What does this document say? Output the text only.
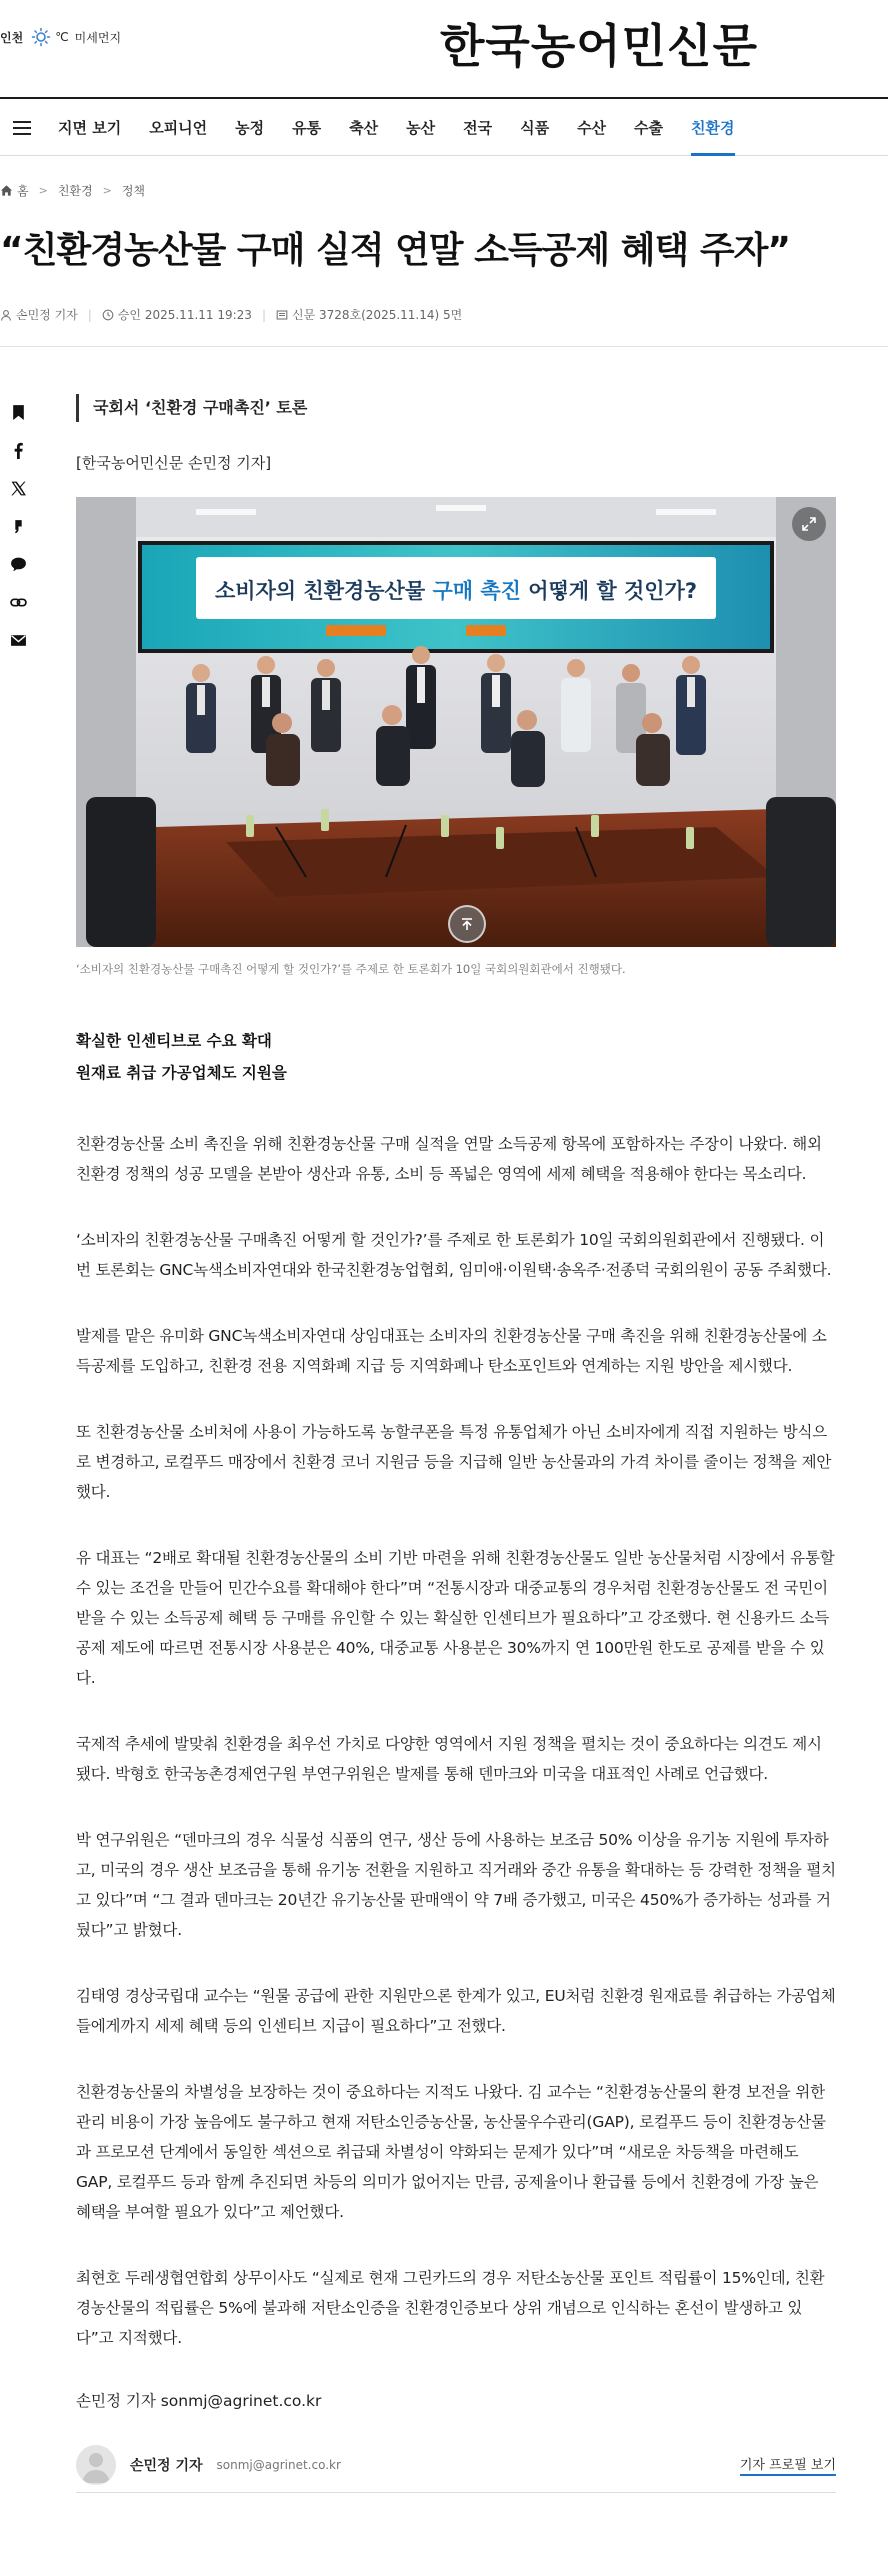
인천	℃ 미세먼지	한국농어민신문
지면 보기	오피니언	농정	유통	축산	농산	전국	식품	수산	수출	친환경
홈 > 친환경 > 정책
“친환경농산물 구매 실적 연말 소득공제 혜택 주자”
손민정 기자 | 승인 2025.11.11 19:23 | 신문 3728호(2025.11.14) 5면
국회서 ‘친환경 구매촉진’ 토론
[한국농어민신문 손민정 기자]
소비자의 친환경농산물 구매 촉진 어떻게 할 것인가?
‘소비자의 친환경농산물 구매촉진 어떻게 할 것인가?’를 주제로 한 토론회가 10일 국회의원회관에서 진행됐다.
확실한 인센티브로 수요 확대
원재료 취급 가공업체도 지원을

친환경농산물 소비 촉진을 위해 친환경농산물 구매 실적을 연말 소득공제 항목에 포함하자는 주장이 나왔다. 해외 친환경 정책의 성공 모델을 본받아 생산과 유통, 소비 등 폭넓은 영역에 세제 혜택을 적용해야 한다는 목소리다.

‘소비자의 친환경농산물 구매촉진 어떻게 할 것인가?’를 주제로 한 토론회가 10일 국회의원회관에서 진행됐다. 이번 토론회는 GNC녹색소비자연대와 한국친환경농업협회, 임미애·이원택·송옥주·전종덕 국회의원이 공동 주최했다.

발제를 맡은 유미화 GNC녹색소비자연대 상임대표는 소비자의 친환경농산물 구매 촉진을 위해 친환경농산물에 소득공제를 도입하고, 친환경 전용 지역화폐 지급 등 지역화폐나 탄소포인트와 연계하는 지원 방안을 제시했다.

또 친환경농산물 소비처에 사용이 가능하도록 농할쿠폰을 특정 유통업체가 아닌 소비자에게 직접 지원하는 방식으로 변경하고, 로컬푸드 매장에서 친환경 코너 지원금 등을 지급해 일반 농산물과의 가격 차이를 줄이는 정책을 제안했다.

유 대표는 “2배로 확대될 친환경농산물의 소비 기반 마련을 위해 친환경농산물도 일반 농산물처럼 시장에서 유통할 수 있는 조건을 만들어 민간수요를 확대해야 한다”며 “전통시장과 대중교통의 경우처럼 친환경농산물도 전 국민이 받을 수 있는 소득공제 혜택 등 구매를 유인할 수 있는 확실한 인센티브가 필요하다”고 강조했다. 현 신용카드 소득공제 제도에 따르면 전통시장 사용분은 40%, 대중교통 사용분은 30%까지 연 100만원 한도로 공제를 받을 수 있다.

국제적 추세에 발맞춰 친환경을 최우선 가치로 다양한 영역에서 지원 정책을 펼치는 것이 중요하다는 의견도 제시됐다. 박형호 한국농촌경제연구원 부연구위원은 발제를 통해 덴마크와 미국을 대표적인 사례로 언급했다.

박 연구위원은 “덴마크의 경우 식물성 식품의 연구, 생산 등에 사용하는 보조금 50% 이상을 유기농 지원에 투자하고, 미국의 경우 생산 보조금을 통해 유기농 전환을 지원하고 직거래와 중간 유통을 확대하는 등 강력한 정책을 펼치고 있다”며 “그 결과 덴마크는 20년간 유기농산물 판매액이 약 7배 증가했고, 미국은 450%가 증가하는 성과를 거뒀다”고 밝혔다.

김태영 경상국립대 교수는 “원물 공급에 관한 지원만으론 한계가 있고, EU처럼 친환경 원재료를 취급하는 가공업체들에게까지 세제 혜택 등의 인센티브 지급이 필요하다”고 전했다.

친환경농산물의 차별성을 보장하는 것이 중요하다는 지적도 나왔다. 김 교수는 “친환경농산물의 환경 보전을 위한 관리 비용이 가장 높음에도 불구하고 현재 저탄소인증농산물, 농산물우수관리(GAP), 로컬푸드 등이 친환경농산물과 프로모션 단계에서 동일한 섹션으로 취급돼 차별성이 약화되는 문제가 있다”며 “새로운 차등책을 마련해도 GAP, 로컬푸드 등과 함께 추진되면 차등의 의미가 없어지는 만큼, 공제율이나 환급률 등에서 친환경에 가장 높은 혜택을 부여할 필요가 있다”고 제언했다.

최현호 두레생협연합회 상무이사도 “실제로 현재 그린카드의 경우 저탄소농산물 포인트 적립률이 15%인데, 친환경농산물의 적립률은 5%에 불과해 저탄소인증을 친환경인증보다 상위 개념으로 인식하는 혼선이 발생하고 있다”고 지적했다.

손민정 기자 sonmj@agrinet.co.kr
손민정 기자 sonmj@agrinet.co.kr	기자 프로필 보기
